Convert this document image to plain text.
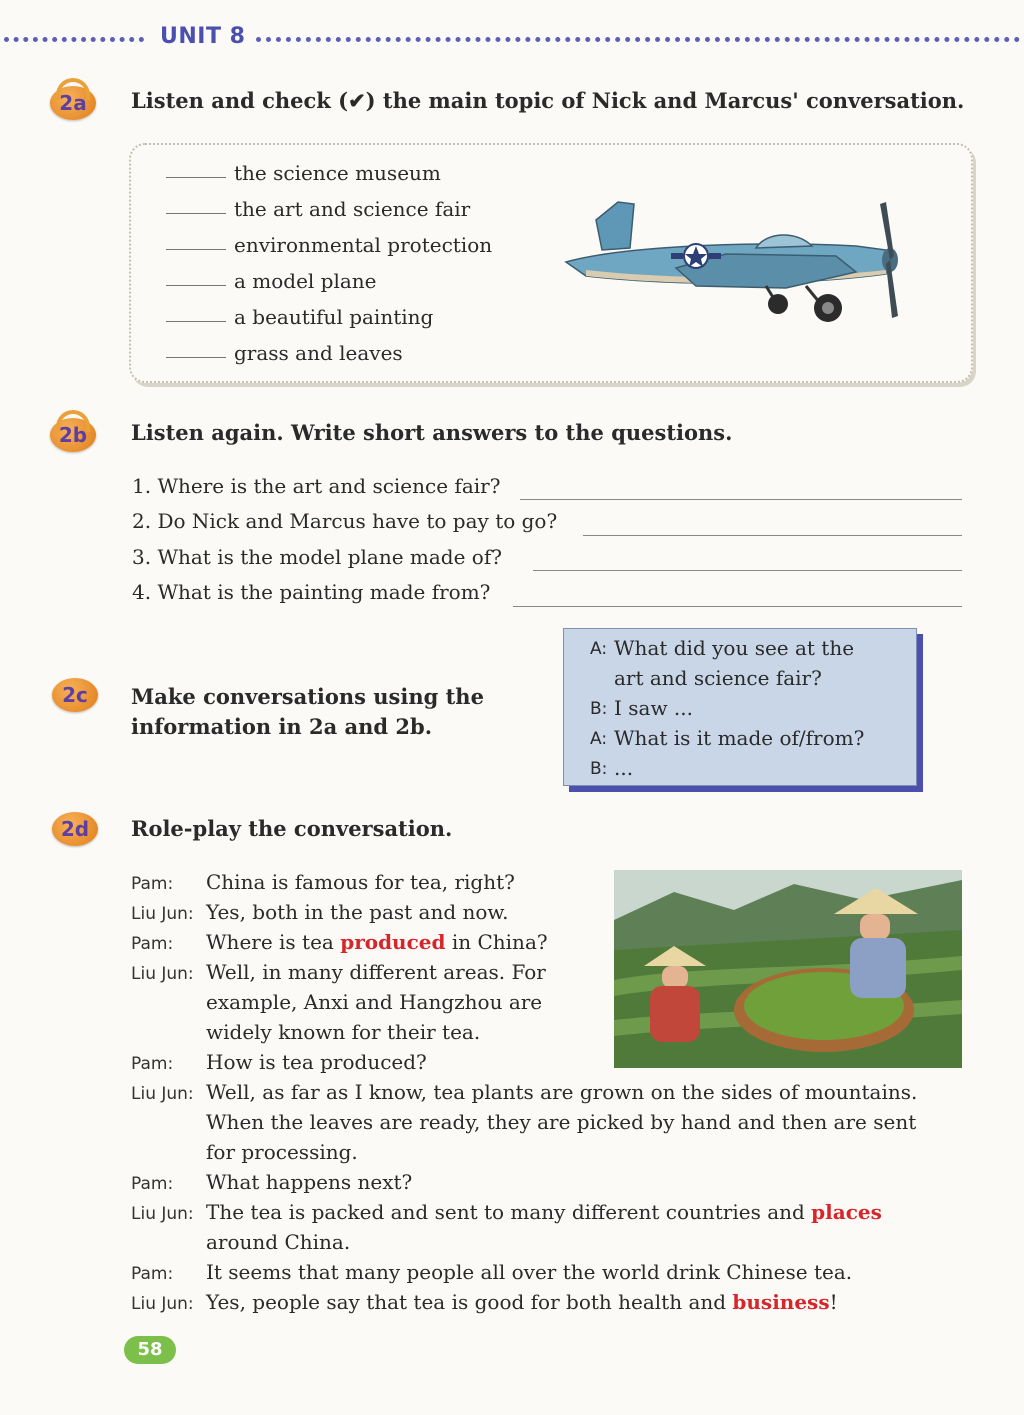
UNIT 8
2a	Listen and check (✔) the main topic of Nick and Marcus' conversation.
the science museum
the art and science fair
environmental protection
a model plane
a beautiful painting
grass and leaves
2b	Listen again. Write short answers to the questions.
1. Where is the art and science fair?
2. Do Nick and Marcus have to pay to go?
3. What is the model plane made of?
4. What is the painting made from?
2c	Make conversations using the
information in 2a and 2b.
A: What did you see at the
art and science fair?
B: I saw ...
A: What is it made of/from?
B: ...
2d	Role-play the conversation.
Pam: China is famous for tea, right?
Liu Jun: Yes, both in the past and now.
Pam: Where is tea produced in China?
Liu Jun: Well, in many different areas. For
example, Anxi and Hangzhou are
widely known for their tea.
Pam: How is tea produced?
Liu Jun: Well, as far as I know, tea plants are grown on the sides of mountains.
When the leaves are ready, they are picked by hand and then are sent
for processing.
Pam: What happens next?
Liu Jun: The tea is packed and sent to many different countries and places
around China.
Pam: It seems that many people all over the world drink Chinese tea.
Liu Jun: Yes, people say that tea is good for both health and business!
58
